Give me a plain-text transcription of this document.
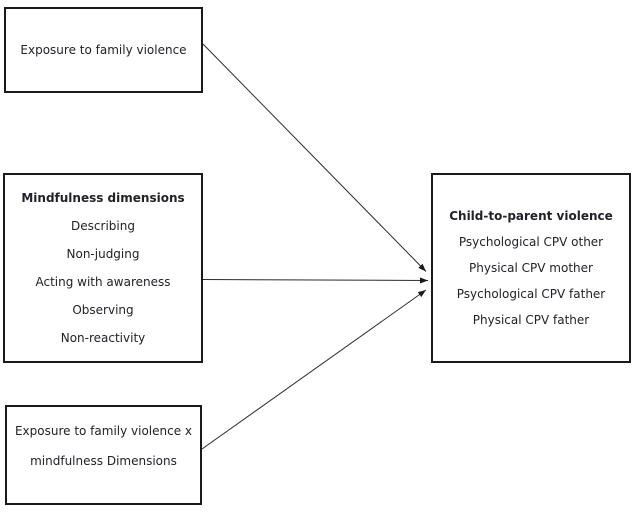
Exposure to family violence
Mindfulness dimensions
Describing
Non-judging
Acting with awareness
Observing
Non-reactivity
Exposure to family violence x
mindfulness Dimensions
Child-to-parent violence
Psychological CPV other
Physical CPV mother
Psychological CPV father
Physical CPV father
